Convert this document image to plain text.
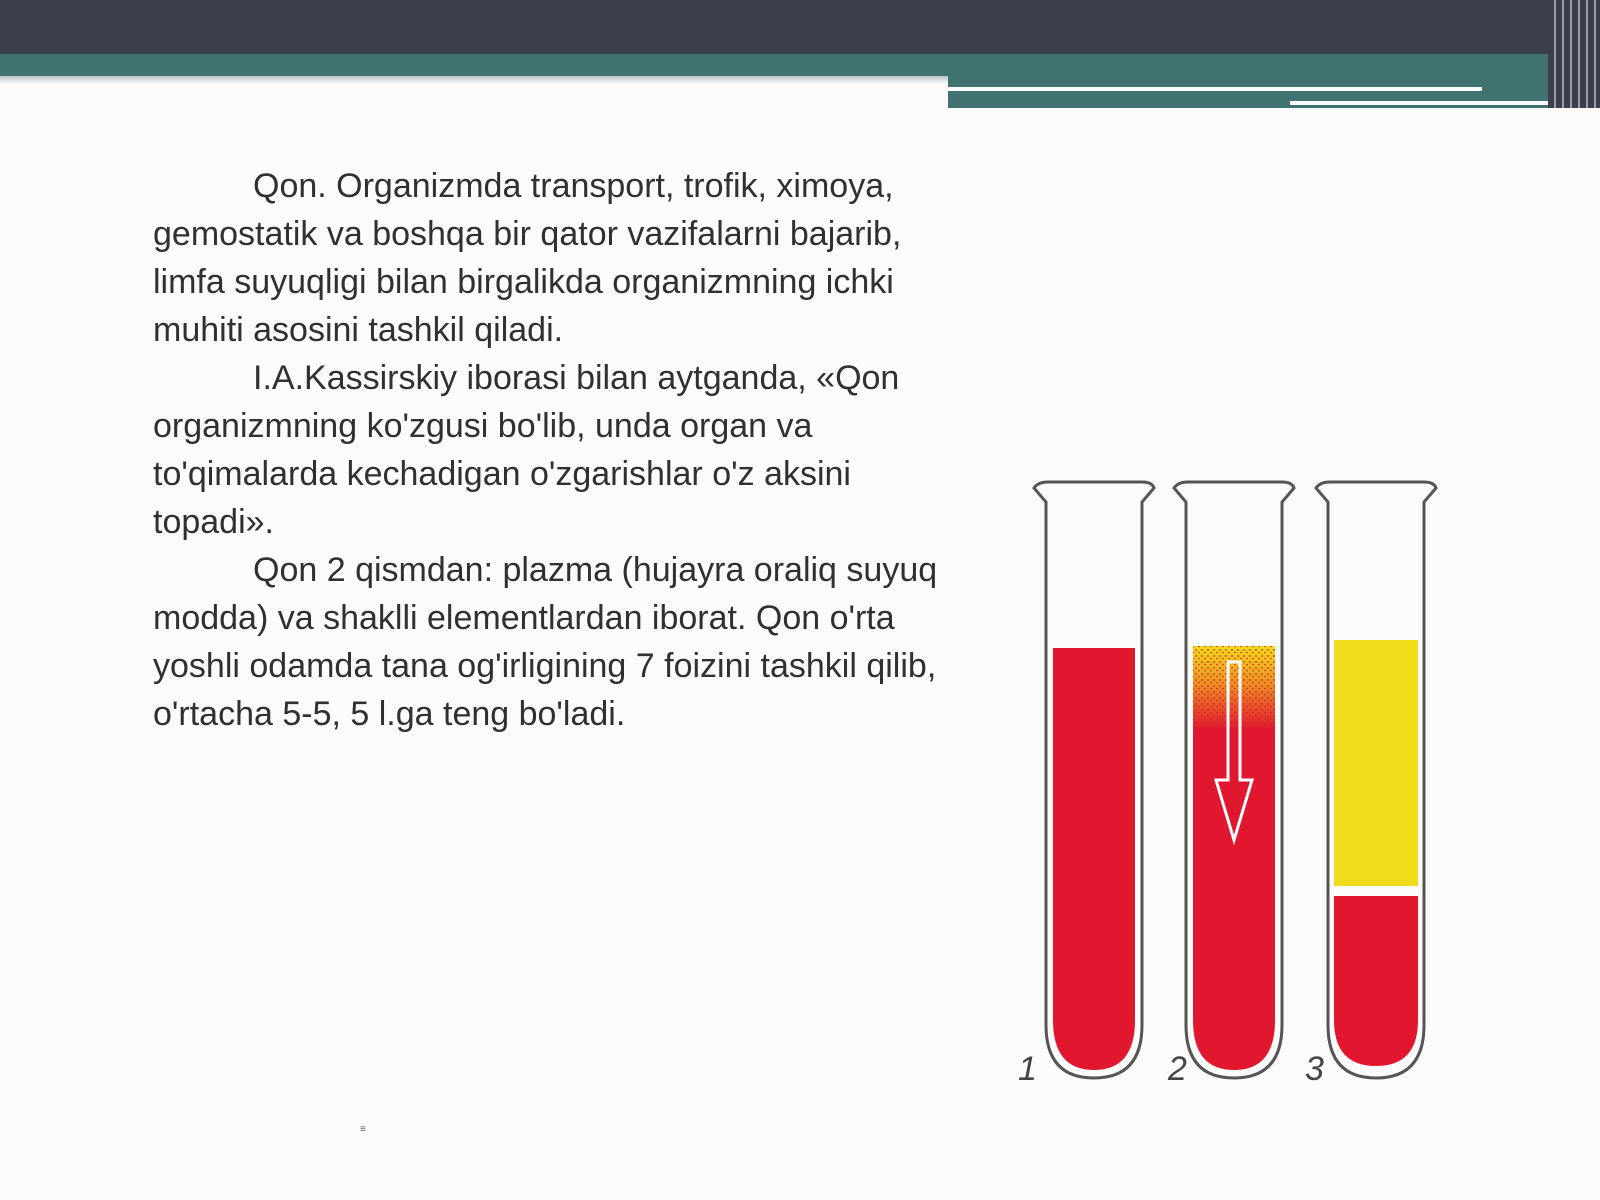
Qon. Organizmda transport, trofik, ximoya, gemostatik va boshqa bir qator vazifalarni bajarib, limfa suyuqligi bilan birgalikda organizmning ichki muhiti asosini tashkil qiladi.

I.A.Kassirskiy iborasi bilan aytganda, «Qon organizmning ko'zgusi bo'lib, unda organ va to'qimalarda kechadigan o'zgarishlar o'z aksini topadi».

Qon 2 qismdan: plazma (hujayra oraliq suyuq modda) va shaklli elementlardan iborat. Qon o'rta yoshli odamda tana og'irligining 7 foizini tashkil qilib, o'rtacha 5-5, 5 l.ga teng bo'ladi.

1	2	3
≡
